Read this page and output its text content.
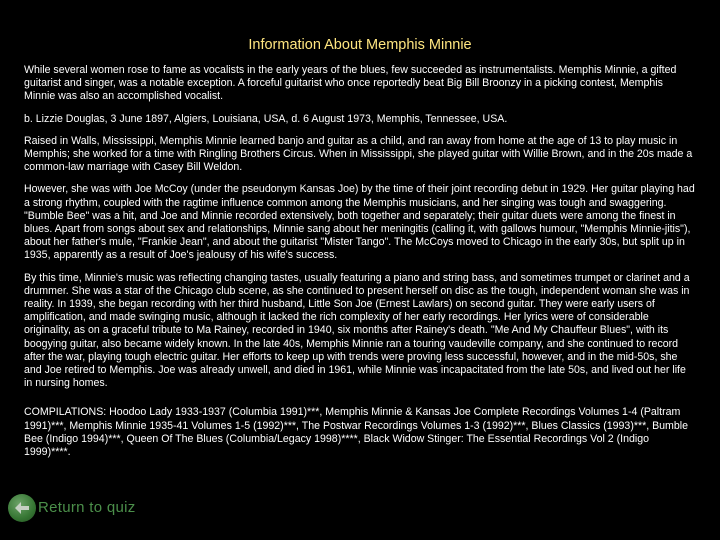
Information About Memphis Minnie

While several women rose to fame as vocalists in the early years of the blues, few succeeded as instrumentalists. Memphis Minnie, a gifted guitarist and singer, was a notable exception. A forceful guitarist who once reportedly beat Big Bill Broonzy in a picking contest, Memphis Minnie was also an accomplished vocalist.

b. Lizzie Douglas, 3 June 1897, Algiers, Louisiana, USA, d. 6 August 1973, Memphis, Tennessee, USA.

Raised in Walls, Mississippi, Memphis Minnie learned banjo and guitar as a child, and ran away from home at the age of 13 to play music in Memphis; she worked for a time with Ringling Brothers Circus. When in Mississippi, she played guitar with Willie Brown, and in the 20s made a common-law marriage with Casey Bill Weldon.

However, she was with Joe McCoy (under the pseudonym Kansas Joe) by the time of their joint recording debut in 1929. Her guitar playing had a strong rhythm, coupled with the ragtime influence common among the Memphis musicians, and her singing was tough and swaggering. "Bumble Bee" was a hit, and Joe and Minnie recorded extensively, both together and separately; their guitar duets were among the finest in blues. Apart from songs about sex and relationships, Minnie sang about her meningitis (calling it, with gallows humour, "Memphis Minnie-jitis"), about her father's mule, "Frankie Jean", and about the guitarist "Mister Tango". The McCoys moved to Chicago in the early 30s, but split up in 1935, apparently as a result of Joe's jealousy of his wife's success.

By this time, Minnie's music was reflecting changing tastes, usually featuring a piano and string bass, and sometimes trumpet or clarinet and a drummer. She was a star of the Chicago club scene, as she continued to present herself on disc as the tough, independent woman she was in reality. In 1939, she began recording with her third husband, Little Son Joe (Ernest Lawlars) on second guitar. They were early users of amplification, and made swinging music, although it lacked the rich complexity of her early recordings. Her lyrics were of considerable originality, as on a graceful tribute to Ma Rainey, recorded in 1940, six months after Rainey's death. "Me And My Chauffeur Blues", with its boogying guitar, also became widely known. In the late 40s, Memphis Minnie ran a touring vaudeville company, and she continued to record after the war, playing tough electric guitar. Her efforts to keep up with trends were proving less successful, however, and in the mid-50s, she and Joe retired to Memphis. Joe was already unwell, and died in 1961, while Minnie was incapacitated from the late 50s, and lived out her life in nursing homes.

COMPILATIONS: Hoodoo Lady 1933-1937 (Columbia 1991)***, Memphis Minnie & Kansas Joe Complete Recordings Volumes 1-4 (Paltram 1991)***, Memphis Minnie 1935-41 Volumes 1-5 (1992)***, The Postwar Recordings Volumes 1-3 (1992)***, Blues Classics (1993)***, Bumble Bee (Indigo 1994)***, Queen Of The Blues (Columbia/Legacy 1998)****, Black Widow Stinger: The Essential Recordings Vol 2 (Indigo 1999)****.

Return to quiz
